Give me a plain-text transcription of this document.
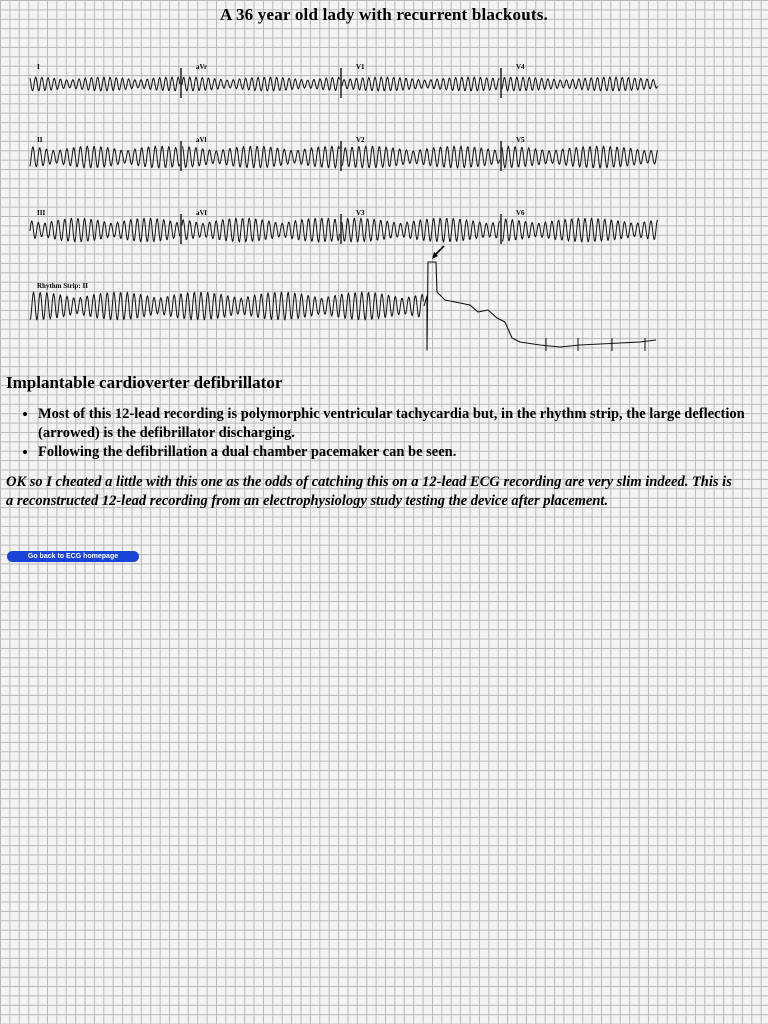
A 36 year old lady with recurrent blackouts.
I	aVr	V1	V4
II	aVl	V2	V5
III	aVf	V3	V6
Rhythm Strip: II
Implantable cardioverter defibrillator
• Most of this 12-lead recording is polymorphic ventricular tachycardia but, in the rhythm strip, the large deflection (arrowed) is the defibrillator discharging.
• Following the defibrillation a dual chamber pacemaker can be seen.

OK so I cheated a little with this one as the odds of catching this on a 12-lead ECG recording are very slim indeed. This is a reconstructed 12-lead recording from an electrophysiology study testing the device after placement.

Go back to ECG homepage
